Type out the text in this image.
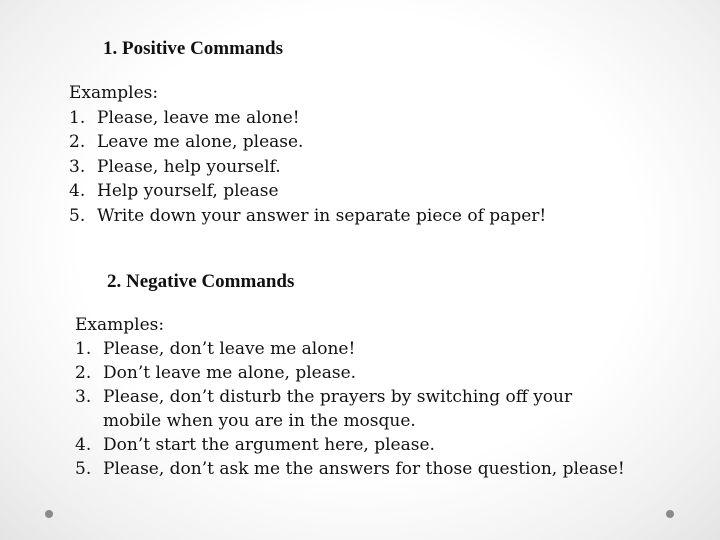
1. Positive Commands

Examples:

1. Please, leave me alone!
2. Leave me alone, please.
3. Please, help yourself.
4. Help yourself, please
5. Write down your answer in separate piece of paper!
2. Negative Commands

Examples:

1. Please, don’t leave me alone!
2. Don’t leave me alone, please.
3. Please, don’t disturb the prayers by switching off your mobile when you are in the mosque.
4. Don’t start the argument here, please.
5. Please, don’t ask me the answers for those question, please!
